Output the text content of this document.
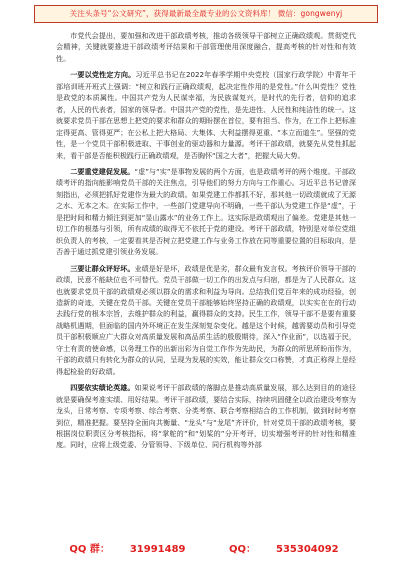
关注头条号“公文研究”，获得最新最全最专业的公文资料库！ 微信：gongwenyj

市党代会提出，要加强和改进干部政绩考核，推动各级领导干部树立正确政绩观。贯彻党代会精神，关键就要推进干部政绩考评结果和干部管理使用深度融合，提高考核的针对性和有效性。

一要以党性定方向。习近平总书记在2022年春季学期中央党校（国家行政学院）中青年干部培训班开班式上强调：“树立和践行正确政绩观，起决定性作用的是党性。”什么叫党性？党性是政党的本质属性。中国共产党为人民谋幸福，为民族谋复兴，是时代的先行者，信仰的追求者，人民的代表者，国家的领导者。中国共产党的党性，是先进性、人民性和纯洁性的统一。这就要求党员干部在思想上把党的要求和群众的期盼摆在首位，要有担当、作为，在工作上把标准定得更高、管得更严；在公私上把大格局、大集体、大利益摆得更重、“本立而道生”。坚强的党性，是一个党员干部积极进取、干事创业的驱动器和力量源。考评干部政绩，就要先从党性抓起来，看干部是否能积极践行正确政绩观，是否胸怀“国之大者”，把握大局大势。

二要重党建促发展。“虚”与“实”是事物发展的两个方面，也是政绩考评的两个维度。干部政绩考评的指向能影响党员干部的关注焦点，引导他们的努力方向与工作重心。习近平总书记曾深刻指出，必须把抓好党建作为最大的政绩。如果党建工作都抓不好，那其他一切政绩就成了无源之水、无本之木。在实际工作中，一些部门党建导向不明确，一些干部认为党建工作是“虚”，于是把时间和精力倾注到更加“显山露水”的业务工作上。这实际是政绩观出了偏差。党建是其他一切工作的根基与引领，所有成绩的取得无不依托于党的建设。考评干部政绩，特别是对单位党组织负责人的考核，一定要看其是否树立把党建工作与业务工作放在同等重要位置的目标取向，是否善于通过抓党建引领业务发展。

三要让群众评好坏。业绩是好是坏，政绩是优是劣，群众最有发言权。考核评价领导干部的政绩，民意不能缺位也不可替代。党员干部做一切工作的出发点与归宿，都是为了人民群众。这也就要求党员干部的政绩观必须以群众的需求和利益为导向。总结我们党百年来的成功经验，创造新的奇迹，关键在党员干部。关键在党员干部能够始终坚持正确的政绩观，以实实在在的行动去践行党的根本宗旨，去维护群众的利益，赢得群众的支持。民生工作，领导干部不是要有重要战略机遇期，但面临的国内外环境正在发生深刻复杂变化。越是这个时候，越需要动员和引导党员干部积极顺应广大群众对高质量发展和高品质生活的殷殷期待，深入“作业面”，以选福于民，守土有责的使命感，以务理工作的出新出彩为自觉工作作为先助民，为群众的所思所盼而作为，干部的政绩只有转化为群众的认同，呈现为发展的实效，能让群众交口称赞，才真正称得上是经得起检验的好政绩。

四要依实绩论英雄。如果说考评干部政绩的落脚点是推动高质量发展，那么达到目的的途径就是要确保考准实绩、用好结果。考评干部政绩，要结合实际，持续巩固健全以政治建设考察为龙头，日常考察、专项考察、综合考察、分类考察、联合考察相结合的工作机制，做到时时考察到位，精准把握。要坚持全面向共衡量、“龙头”与“龙尾”齐评价，针对党员干部的政绩考核，要根据岗位职责区分考核指标，将“掌舵的”和“划桨的”分开考评，切实增强考评的针对性和精准度。同时，应将上级党委、分管领导、下级单位、同行机构等外部

QQ 群： 31991489	QQ： 535304092
